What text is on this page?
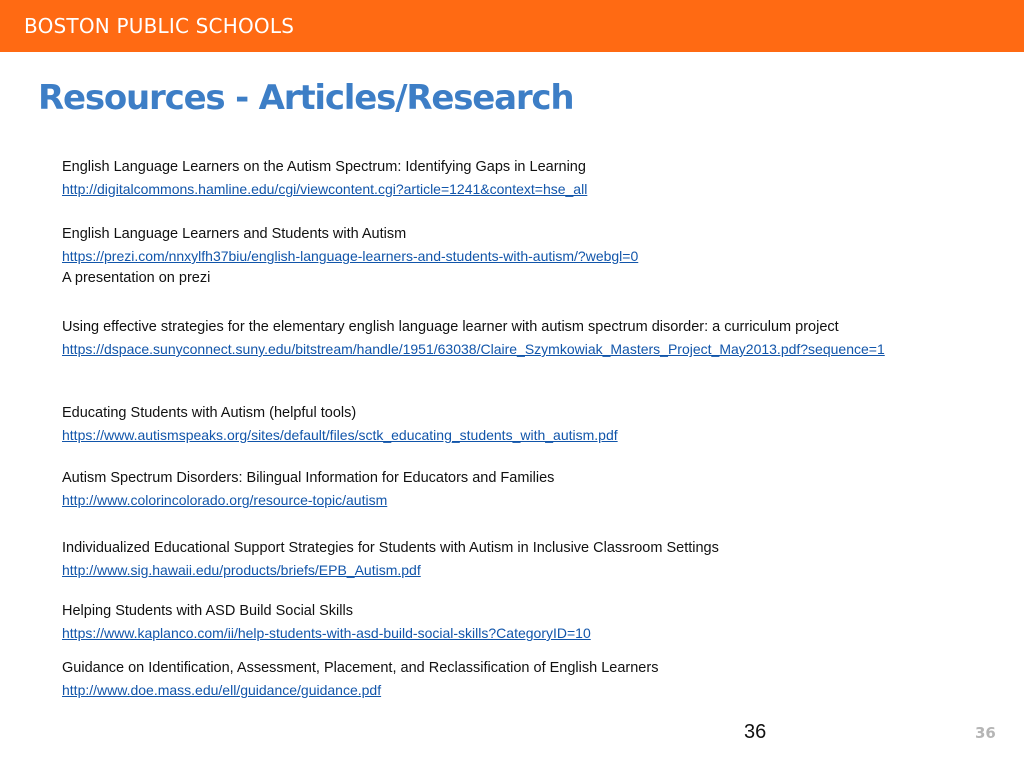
BOSTON PUBLIC SCHOOLS
Resources - Articles/Research
English Language Learners on the Autism Spectrum: Identifying Gaps in Learning
http://digitalcommons.hamline.edu/cgi/viewcontent.cgi?article=1241&context=hse_all
English Language Learners and Students with Autism
https://prezi.com/nnxylfh37biu/english-language-learners-and-students-with-autism/?webgl=0
A presentation on prezi
Using effective strategies for the elementary english language learner with autism spectrum disorder: a curriculum project
https://dspace.sunyconnect.suny.edu/bitstream/handle/1951/63038/Claire_Szymkowiak_Masters_Project_May2013.pdf?sequence=1
Educating Students with Autism (helpful tools)
https://www.autismspeaks.org/sites/default/files/sctk_educating_students_with_autism.pdf
Autism Spectrum Disorders: Bilingual Information for Educators and Families
http://www.colorincolorado.org/resource-topic/autism
Individualized Educational Support Strategies for Students with Autism in Inclusive Classroom Settings
http://www.sig.hawaii.edu/products/briefs/EPB_Autism.pdf
Helping Students with ASD Build Social Skills
https://www.kaplanco.com/ii/help-students-with-asd-build-social-skills?CategoryID=10
Guidance on Identification, Assessment, Placement, and Reclassification of English Learners
http://www.doe.mass.edu/ell/guidance/guidance.pdf
36	36
